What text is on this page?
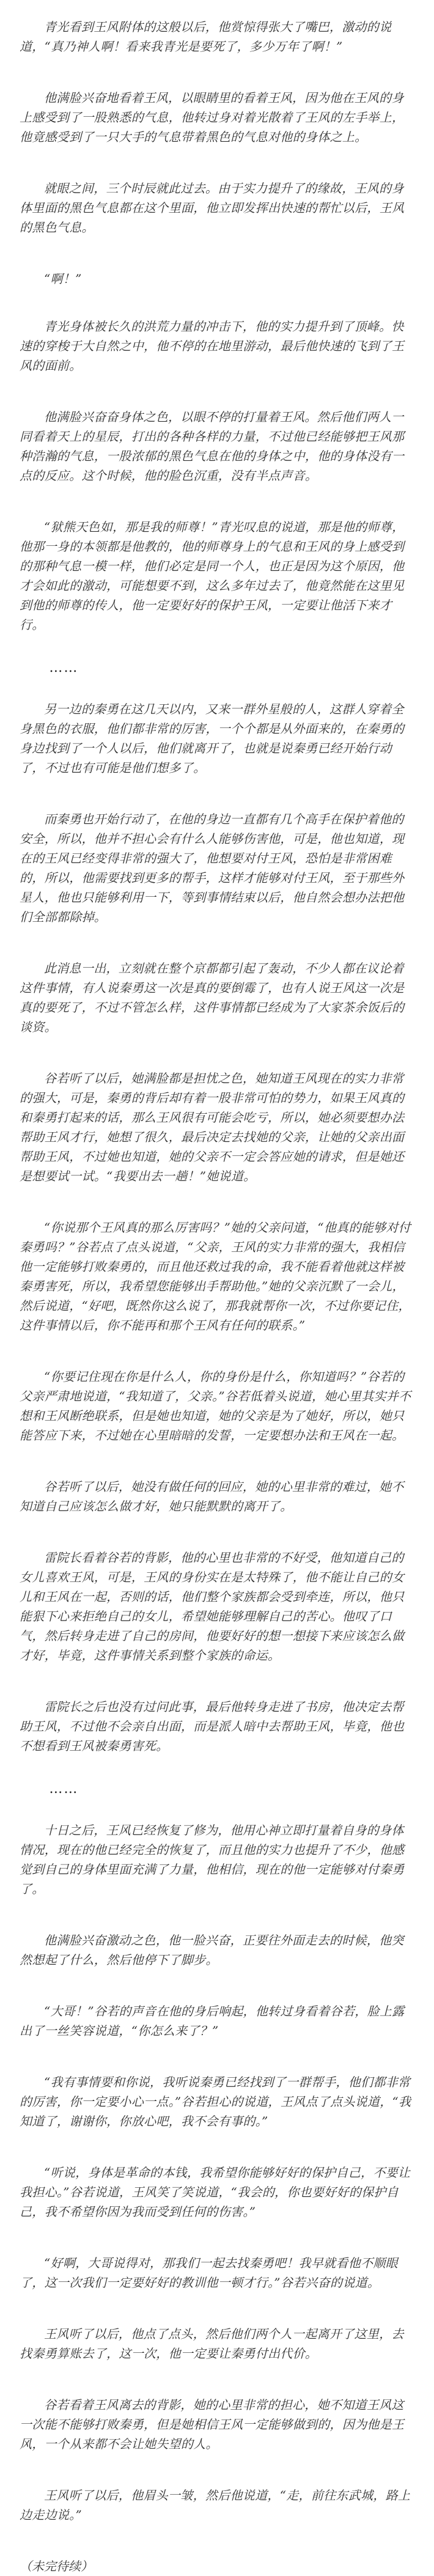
青光看到王风附体的这般以后，他赏惊得张大了嘴巴，激动的说道，“真乃神人啊！看来我青光是要死了，多少万年了啊！”

他满脸兴奋地看着王风，以眼睛里的看着王风，因为他在王风的身上感受到了一股熟悉的气息，他转过身对着光散着了王风的左手举上，他竟感受到了一只大手的气息带着黑色的气息对他的身体之上。

就眼之间，三个时辰就此过去。由于实力提升了的缘故，王风的身体里面的黑色气息都在这个里面，他立即发挥出快速的帮忙以后，王风的黑色气息。

“啊！”

青光身体被长久的洪荒力量的冲击下，他的实力提升到了顶峰。快速的穿梭于大自然之中，他不停的在地里游动，最后他快速的飞到了王风的面前。

他满脸兴奋奋身体之色，以眼不停的打量着王风。然后他们两人一同看着天上的星辰，打出的各种各样的力量，不过他已经能够把王风那种浩瀚的气息，一股浓郁的黑色气息在他的身体之中，他的身体没有一点的反应。这个时候，他的脸色沉重，没有半点声音。

“狱熊天色如，那是我的师尊！”青光叹息的说道，那是他的师尊，他那一身的本领都是他教的，他的师尊身上的气息和王风的身上感受到的那种气息一模一样，他们必定是同一个人，也正是因为这个原因，他才会如此的激动，可能想要不到，这么多年过去了，他竟然能在这里见到他的师尊的传人，他一定要好好的保护王风，一定要让他活下来才行。

……

另一边的秦勇在这几天以内，又来一群外星般的人，这群人穿着全身黑色的衣服，他们都非常的厉害，一个个都是从外面来的，在秦勇的身边找到了一个人以后，他们就离开了，也就是说秦勇已经开始行动了，不过也有可能是他们想多了。

而秦勇也开始行动了，在他的身边一直都有几个高手在保护着他的安全，所以，他并不担心会有什么人能够伤害他，可是，他也知道，现在的王风已经变得非常的强大了，他想要对付王风，恐怕是非常困难的，所以，他需要找到更多的帮手，这样才能够对付王风，至于那些外星人，他也只能够利用一下，等到事情结束以后，他自然会想办法把他们全部都除掉。

此消息一出，立刻就在整个京都都引起了轰动，不少人都在议论着这件事情，有人说秦勇这一次是真的要倒霉了，也有人说王风这一次是真的要死了，不过不管怎么样，这件事情都已经成为了大家茶余饭后的谈资。

谷若听了以后，她满脸都是担忧之色，她知道王风现在的实力非常的强大，可是，秦勇的背后却有着一股非常可怕的势力，如果王风真的和秦勇打起来的话，那么王风很有可能会吃亏，所以，她必须要想办法帮助王风才行，她想了很久，最后决定去找她的父亲，让她的父亲出面帮助王风，不过她也知道，她的父亲不一定会答应她的请求，但是她还是想要试一试。“我要出去一趟！”她说道。

“你说那个王风真的那么厉害吗？”她的父亲问道，“他真的能够对付秦勇吗？”谷若点了点头说道，“父亲，王风的实力非常的强大，我相信他一定能够打败秦勇的，而且他还救过我的命，我不能看着他就这样被秦勇害死，所以，我希望您能够出手帮助他。”她的父亲沉默了一会儿，然后说道，“好吧，既然你这么说了，那我就帮你一次，不过你要记住，这件事情以后，你不能再和那个王风有任何的联系。”

“你要记住现在你是什么人，你的身份是什么，你知道吗？”谷若的父亲严肃地说道，“我知道了，父亲。”谷若低着头说道，她心里其实并不想和王风断绝联系，但是她也知道，她的父亲是为了她好，所以，她只能答应下来，不过她在心里暗暗的发誓，一定要想办法和王风在一起。

谷若听了以后，她没有做任何的回应，她的心里非常的难过，她不知道自己应该怎么做才好，她只能默默的离开了。

雷院长看着谷若的背影，他的心里也非常的不好受，他知道自己的女儿喜欢王风，可是，王风的身份实在是太特殊了，他不能让自己的女儿和王风在一起，否则的话，他们整个家族都会受到牵连，所以，他只能狠下心来拒绝自己的女儿，希望她能够理解自己的苦心。他叹了口气，然后转身走进了自己的房间，他要好好的想一想接下来应该怎么做才好，毕竟，这件事情关系到整个家族的命运。

雷院长之后也没有过问此事，最后他转身走进了书房，他决定去帮助王风，不过他不会亲自出面，而是派人暗中去帮助王风，毕竟，他也不想看到王风被秦勇害死。

……

十日之后，王风已经恢复了修为，他用心神立即打量着自身的身体情况，现在的他已经完全的恢复了，而且他的实力也提升了不少，他感觉到自己的身体里面充满了力量，他相信，现在的他一定能够对付秦勇了。

他满脸兴奋激动之色，他一脸兴奋，正要往外面走去的时候，他突然想起了什么，然后他停下了脚步。

“大哥！”谷若的声音在他的身后响起，他转过身看着谷若，脸上露出了一丝笑容说道，“你怎么来了？”

“我有事情要和你说，我听说秦勇已经找到了一群帮手，他们都非常的厉害，你一定要小心一点。”谷若担心的说道，王风点了点头说道，“我知道了，谢谢你，你放心吧，我不会有事的。”

“听说，身体是革命的本钱，我希望你能够好好的保护自己，不要让我担心。”谷若说道，王风笑了笑说道，“我会的，你也要好好的保护自己，我不希望你因为我而受到任何的伤害。”

“好啊，大哥说得对，那我们一起去找秦勇吧！我早就看他不顺眼了，这一次我们一定要好好的教训他一顿才行。”谷若兴奋的说道。

王风听了以后，他点了点头，然后他们两个人一起离开了这里，去找秦勇算账去了，这一次，他一定要让秦勇付出代价。

谷若看着王风离去的背影，她的心里非常的担心，她不知道王风这一次能不能够打败秦勇，但是她相信王风一定能够做到的，因为他是王风，一个从来都不会让她失望的人。

王风听了以后，他眉头一皱，然后他说道，“走，前往东武城，路上边走边说。”

（未完待续）
